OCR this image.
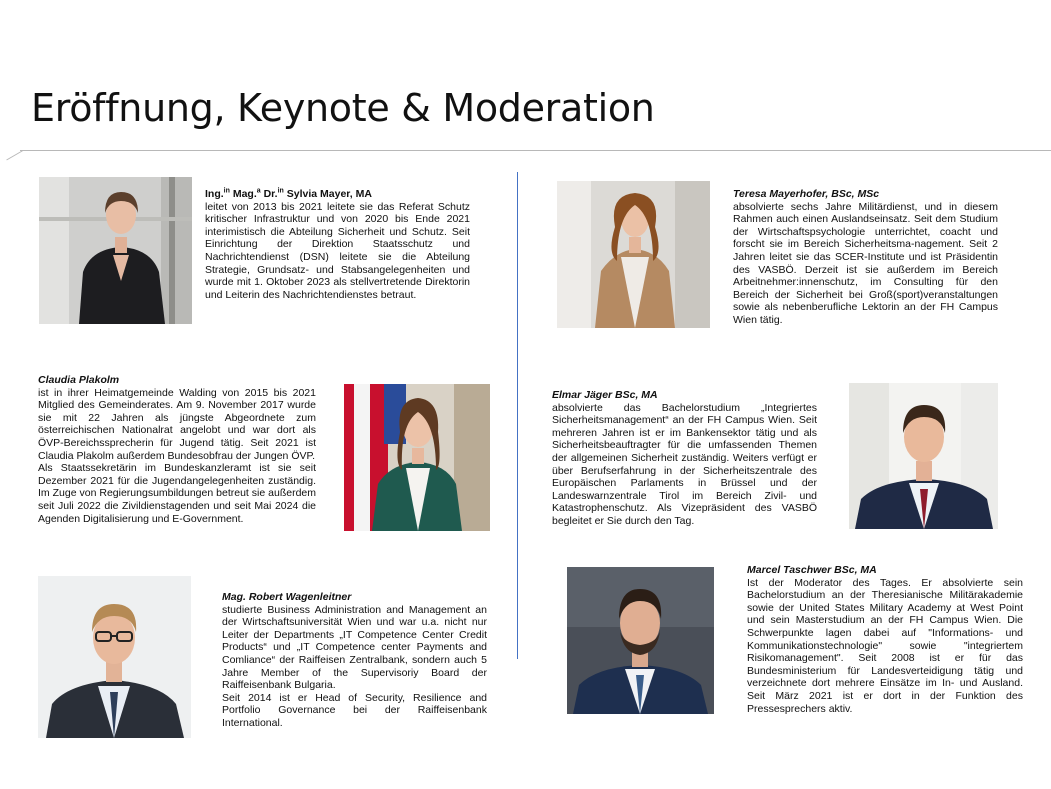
Eröffnung, Keynote & Moderation
Ing.$^{in}$ Mag.$^a$ Dr.$^{in}$ Sylvia Mayer, MA

leitet von 2013 bis 2021 leitete sie das Referat Schutz kritischer Infrastruktur und von 2020 bis Ende 2021 interimistisch die Abteilung Sicherheit und Schutz. Seit Einrichtung der Direktion Staatsschutz und Nachrichtendienst (DSN) leitete sie die Abteilung Strategie, Grundsatz- und Stabsangelegenheiten und wurde mit 1. Oktober 2023 als stellvertretende Direktorin und Leiterin des Nachrichtendienstes betraut.

Claudia Plakolm

ist in ihrer Heimatgemeinde Walding von 2015 bis 2021 Mitglied des Gemeinderates. Am 9. November 2017 wurde sie mit 22 Jahren als jüngste Abgeordnete zum österreichischen Nationalrat angelobt und war dort als ÖVP-Bereichssprecherin für Jugend tätig. Seit 2021 ist Claudia Plakolm außerdem Bundesobfrau der Jungen ÖVP.

Als Staatssekretärin im Bundeskanzleramt ist sie seit Dezember 2021 für die Jugendangelegenheiten zuständig. Im Zuge von Regierungsumbildungen betreut sie außerdem seit Juli 2022 die Zivildienstagenden und seit Mai 2024 die Agenden Digitalisierung und E-Government.

Mag. Robert Wagenleitner

studierte Business Administration and Management an der Wirtschaftsuniversität Wien und war u.a. nicht nur Leiter der Departments „IT Competence Center Credit Products“ und „IT Competence center Payments and Comliance“ der Raiffeisen Zentralbank, sondern auch 5 Jahre Member of the Supervisoriy Board der Raiffeisenbank Bulgaria.

Seit 2014 ist er Head of Security, Resilience and Portfolio Governance bei der Raiffeisenbank International.

Teresa Mayerhofer, BSc, MSc

absolvierte sechs Jahre Militärdienst, und in diesem Rahmen auch einen Auslandseinsatz. Seit dem Studium der Wirtschaftspsychologie unterrichtet, coacht und forscht sie im Bereich Sicherheitsma-nagement. Seit 2 Jahren leitet sie das SCER-Institute und ist Präsidentin des VASBÖ. Derzeit ist sie außerdem im Bereich Arbeitnehmer:innenschutz, im Consulting für den Bereich der Sicherheit bei Groß(sport)veranstaltungen sowie als nebenberufliche Lektorin an der FH Campus Wien tätig.

Elmar Jäger BSc, MA

absolvierte das Bachelorstudium „Integriertes Sicherheitsmanagement“ an der FH Campus Wien. Seit mehreren Jahren ist er im Bankensektor tätig und als Sicherheitsbeauftragter für die umfassenden Themen der allgemeinen Sicherheit zuständig. Weiters verfügt er über Berufserfahrung in der Sicherheitszentrale des Europäischen Parlaments in Brüssel und der Landeswarnzentrale Tirol im Bereich Zivil- und Katastrophenschutz. Als Vizepräsident des VASBÖ begleitet er Sie durch den Tag.

Marcel Taschwer BSc, MA

Ist der Moderator des Tages. Er absolvierte sein Bachelorstudium an der Theresianische Militärakademie sowie der United States Military Academy at West Point und sein Masterstudium an der FH Campus Wien. Die Schwerpunkte lagen dabei auf "Informations- und Kommunikationstechnologie" sowie "integriertem Risikomanagement". Seit 2008 ist er für das Bundesministerium für Landesverteidigung tätig und verzeichnete dort mehrere Einsätze im In- und Ausland. Seit März 2021 ist er dort in der Funktion des Pressesprechers aktiv.
